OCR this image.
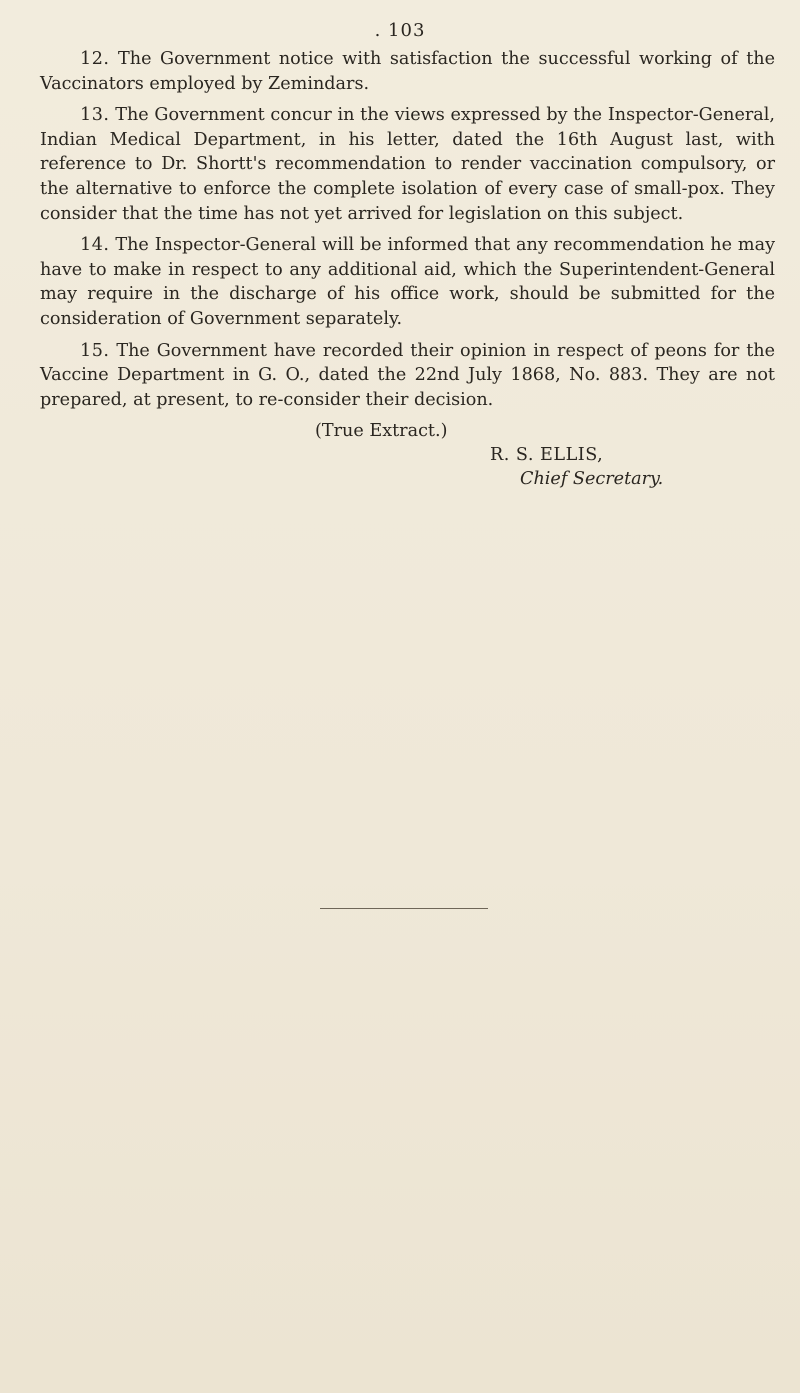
. 103

12. The Government notice with satisfaction the successful working of the Vaccinators employed by Zemindars.

13. The Government concur in the views expressed by the Inspector-General, Indian Medical Department, in his letter, dated the 16th August last, with reference to Dr. Shortt's recommendation to render vaccination compulsory, or the alternative to enforce the complete isolation of every case of small-pox. They consider that the time has not yet arrived for legislation on this subject.

14. The Inspector-General will be informed that any recommendation he may have to make in respect to any additional aid, which the Superintendent-General may require in the discharge of his office work, should be submitted for the consideration of Government separately.

15. The Government have recorded their opinion in respect of peons for the Vaccine Department in G. O., dated the 22nd July 1868, No. 883. They are not prepared, at present, to re-consider their decision.

(True Extract.)
R. S. ELLIS,
Chief Secretary.
